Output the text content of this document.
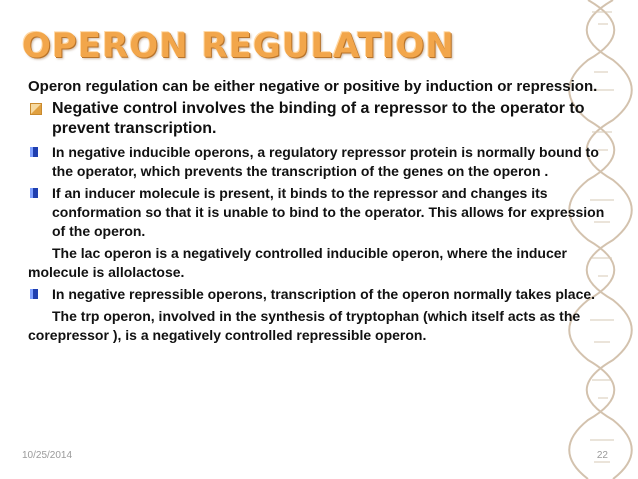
OPERON REGULATION

Operon regulation can be either negative or positive by induction or repression.

Negative control involves the binding of a repressor to the operator to prevent transcription.
In negative inducible operons, a regulatory repressor protein is normally bound to the operator, which prevents the transcription of the genes on the operon .
If an inducer molecule is present, it binds to the repressor and changes its conformation so that it is unable to bind to the operator. This allows for expression of the operon.

The lac operon is a negatively controlled inducible operon, where the inducer molecule is allolactose.

In negative repressible operons, transcription of the operon normally takes place.

The trp operon, involved in the synthesis of tryptophan (which itself acts as the corepressor ), is a negatively controlled repressible operon.

10/25/2014	22
